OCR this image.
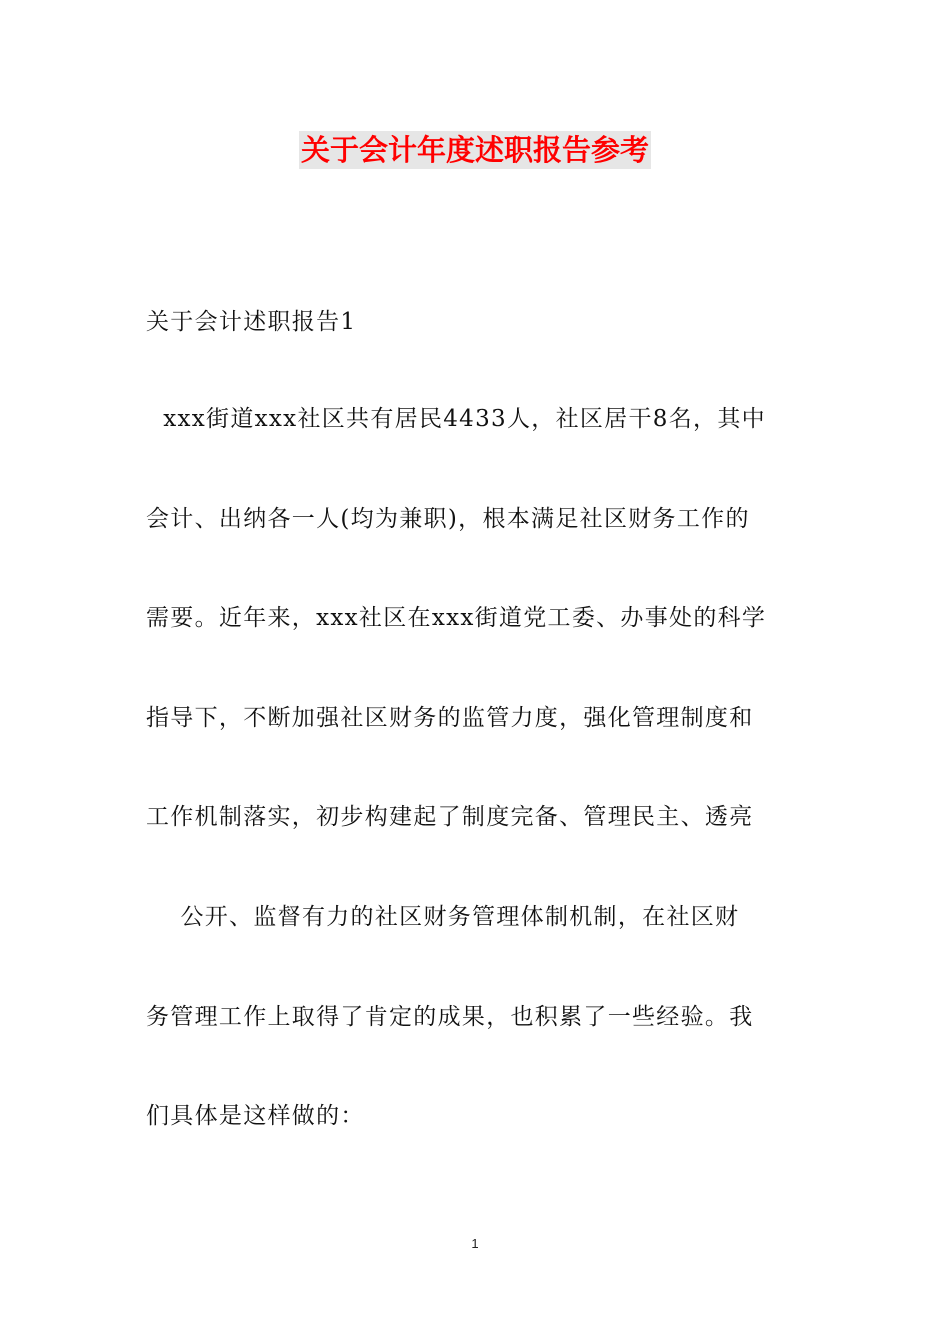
关于会计年度述职报告参考

关于会计述职报告1

xxx街道xxx社区共有居民4433人，社区居干8名，其中

会计、出纳各一人(均为兼职)，根本满足社区财务工作的

需要。近年来，xxx社区在xxx街道党工委、办事处的科学

指导下，不断加强社区财务的监管力度，强化管理制度和

工作机制落实，初步构建起了制度完备、管理民主、透亮

公开、监督有力的社区财务管理体制机制，在社区财

务管理工作上取得了肯定的成果，也积累了一些经验。我

们具体是这样做的：

1
